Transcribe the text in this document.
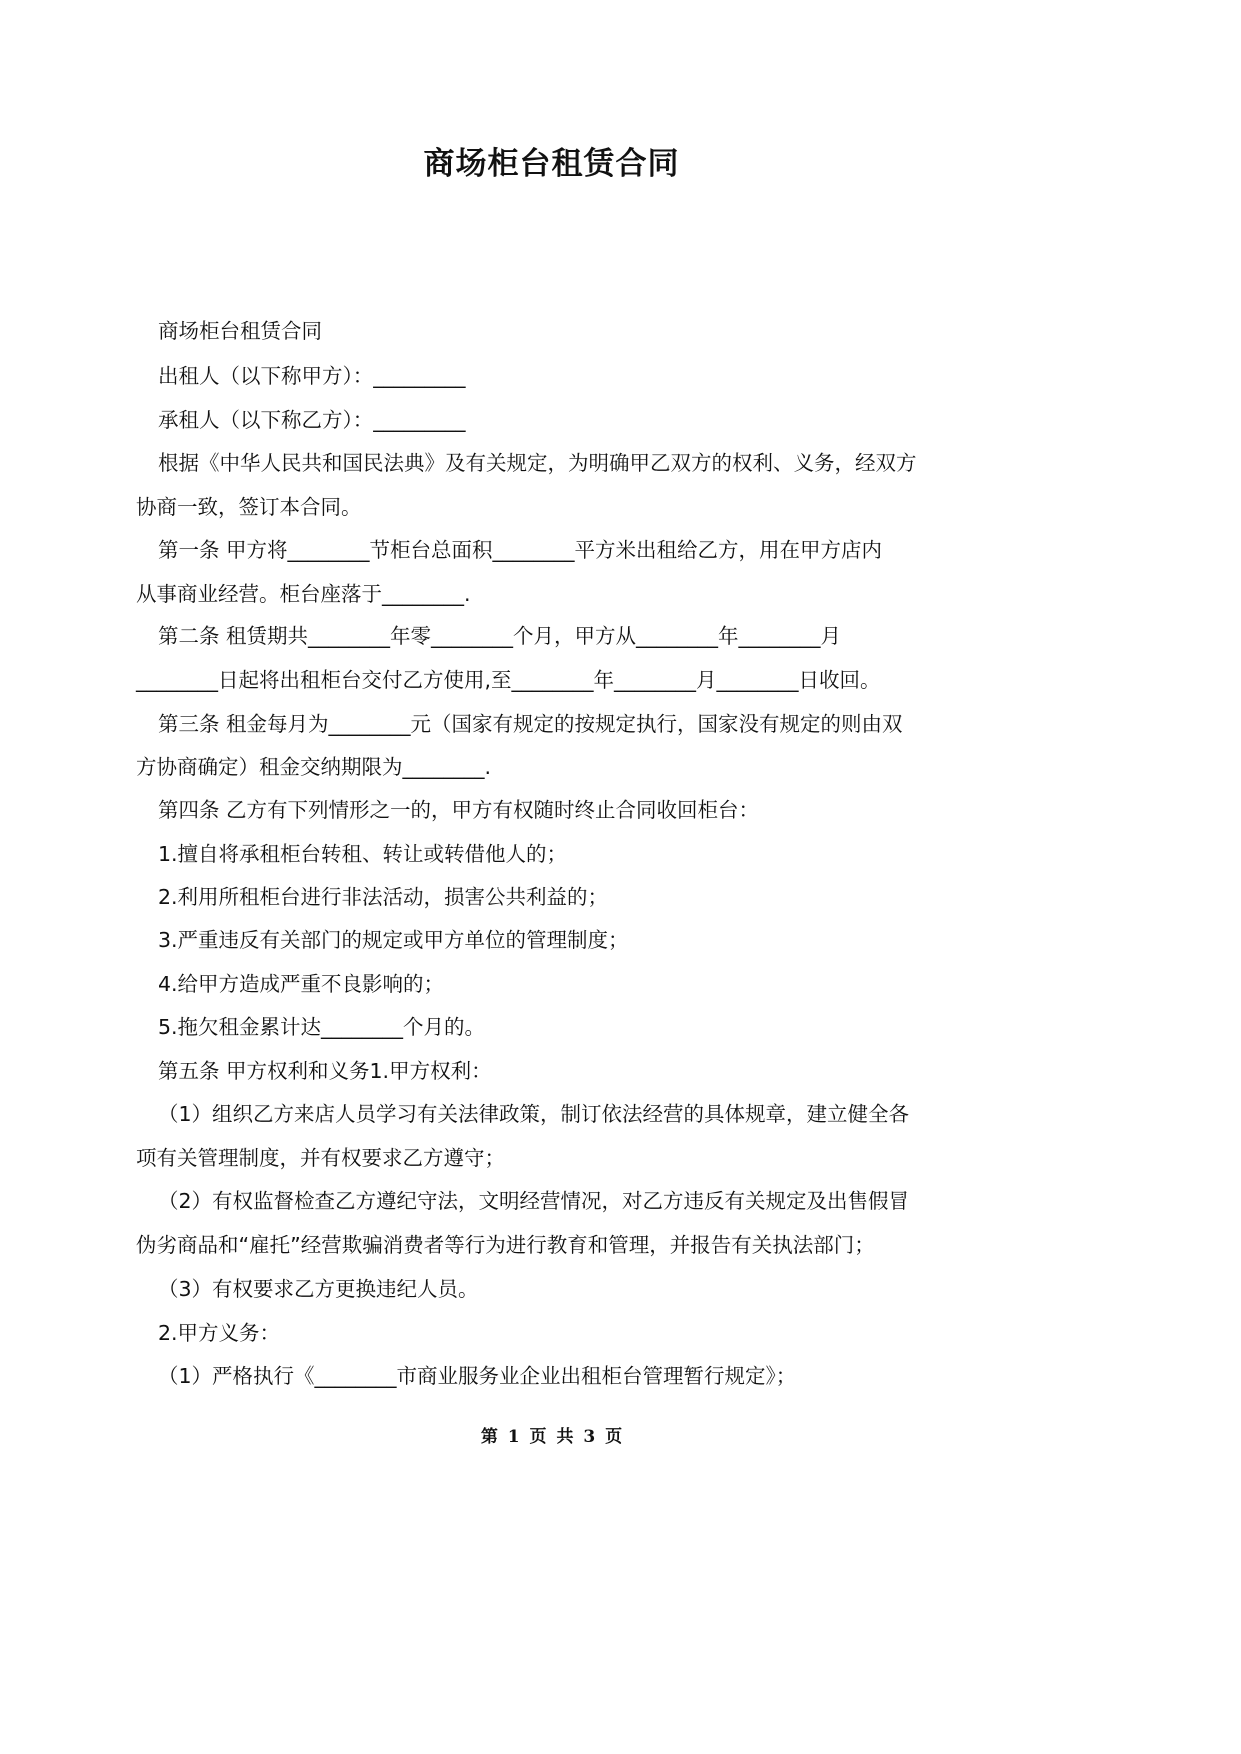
商场柜台租赁合同
商场柜台租赁合同
出租人（以下称甲方）：_________
承租人（以下称乙方）：_________
根据《中华人民共和国民法典》及有关规定，为明确甲乙双方的权利、义务，经双方
协商一致，签订本合同。
第一条 甲方将________节柜台总面积________平方米出租给乙方，用在甲方店内
从事商业经营。柜台座落于________.
第二条 租赁期共________年零________个月，甲方从________年________月
________日起将出租柜台交付乙方使用,至________年________月________日收回。
第三条 租金每月为________元（国家有规定的按规定执行，国家没有规定的则由双
方协商确定）租金交纳期限为________.
第四条 乙方有下列情形之一的，甲方有权随时终止合同收回柜台：
1.擅自将承租柜台转租、转让或转借他人的；
2.利用所租柜台进行非法活动，损害公共利益的；
3.严重违反有关部门的规定或甲方单位的管理制度；
4.给甲方造成严重不良影响的；
5.拖欠租金累计达________个月的。
第五条 甲方权利和义务1.甲方权利：
（1）组织乙方来店人员学习有关法律政策，制订依法经营的具体规章，建立健全各
项有关管理制度，并有权要求乙方遵守；
（2）有权监督检查乙方遵纪守法，文明经营情况，对乙方违反有关规定及出售假冒
伪劣商品和“雇托”经营欺骗消费者等行为进行教育和管理，并报告有关执法部门；
（3）有权要求乙方更换违纪人员。
2.甲方义务：
（1）严格执行《________市商业服务业企业出租柜台管理暂行规定》；
第 1 页 共 3 页
